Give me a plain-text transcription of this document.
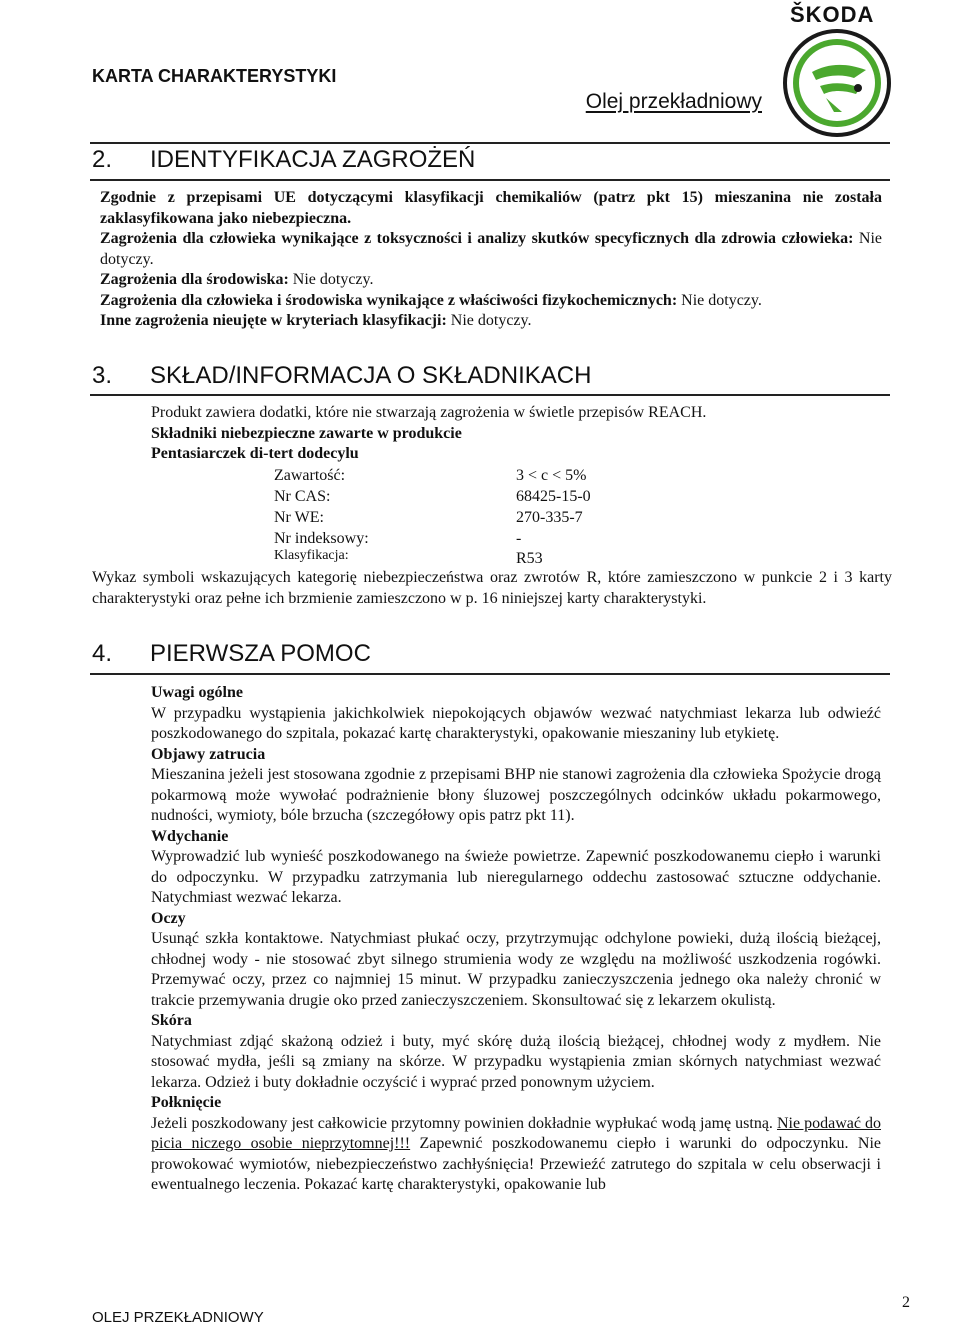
ŠKODA
KARTA CHARAKTERYSTYKI
Olej przekładniowy
2. IDENTYFIKACJA ZAGROŻEŃ

Zgodnie z przepisami UE dotyczącymi klasyfikacji chemikaliów (patrz pkt 15) mieszanina nie została zaklasyfikowana jako niebezpieczna.

Zagrożenia dla człowieka wynikające z toksyczności i analizy skutków specyficznych dla zdrowia człowieka: Nie dotyczy.

Zagrożenia dla środowiska: Nie dotyczy.

Zagrożenia dla człowieka i środowiska wynikające z właściwości fizykochemicznych: Nie dotyczy.

Inne zagrożenia nieujęte w kryteriach klasyfikacji: Nie dotyczy.

3. SKŁAD/INFORMACJA O SKŁADNIKACH

Produkt zawiera dodatki, które nie stwarzają zagrożenia w świetle przepisów REACH.

Składniki niebezpieczne zawarte w produkcie

Pentasiarczek di-tert dodecylu

Zawartość:	3 < c < 5%
Nr CAS:	68425-15-0
Nr WE:	270-335-7
Nr indeksowy:	-
Klasyfikacja:	R53

Wykaz symboli wskazujących kategorię niebezpieczeństwa oraz zwrotów R, które zamieszczono w punkcie 2 i 3 karty charakterystyki oraz pełne ich brzmienie zamieszczono w p. 16 niniejszej karty charakterystyki.

4. PIERWSZA POMOC

Uwagi ogólne

W przypadku wystąpienia jakichkolwiek niepokojących objawów wezwać natychmiast lekarza lub odwieźć poszkodowanego do szpitala, pokazać kartę charakterystyki, opakowanie mieszaniny lub etykietę.

Objawy zatrucia

Mieszanina jeżeli jest stosowana zgodnie z przepisami BHP nie stanowi zagrożenia dla człowieka Spożycie drogą pokarmową może wywołać podrażnienie błony śluzowej poszczególnych odcinków układu pokarmowego, nudności, wymioty, bóle brzucha (szczegółowy opis patrz pkt 11).

Wdychanie

Wyprowadzić lub wynieść poszkodowanego na świeże powietrze. Zapewnić poszkodowanemu ciepło i warunki do odpoczynku. W przypadku zatrzymania lub nieregularnego oddechu zastosować sztuczne oddychanie. Natychmiast wezwać lekarza.

Oczy

Usunąć szkła kontaktowe. Natychmiast płukać oczy, przytrzymując odchylone powieki, dużą ilością bieżącej, chłodnej wody - nie stosować zbyt silnego strumienia wody ze względu na możliwość uszkodzenia rogówki. Przemywać oczy, przez co najmniej 15 minut. W przypadku zanieczyszczenia jednego oka należy chronić w trakcie przemywania drugie oko przed zanieczyszczeniem. Skonsultować się z lekarzem okulistą.

Skóra

Natychmiast zdjąć skażoną odzież i buty, myć skórę dużą ilością bieżącej, chłodnej wody z mydłem. Nie stosować mydła, jeśli są zmiany na skórze. W przypadku wystąpienia zmian skórnych natychmiast wezwać lekarza. Odzież i buty dokładnie oczyścić i wyprać przed ponownym użyciem.

Połknięcie

Jeżeli poszkodowany jest całkowicie przytomny powinien dokładnie wypłukać wodą jamę ustną. Nie podawać do picia niczego osobie nieprzytomnej!!! Zapewnić poszkodowanemu ciepło i warunki do odpoczynku. Nie prowokować wymiotów, niebezpieczeństwo zachłyśnięcia! Przewieźć zatrutego do szpitala w celu obserwacji i ewentualnego leczenia. Pokazać kartę charakterystyki, opakowanie lub

OLEJ PRZEKŁADNIOWY
2
